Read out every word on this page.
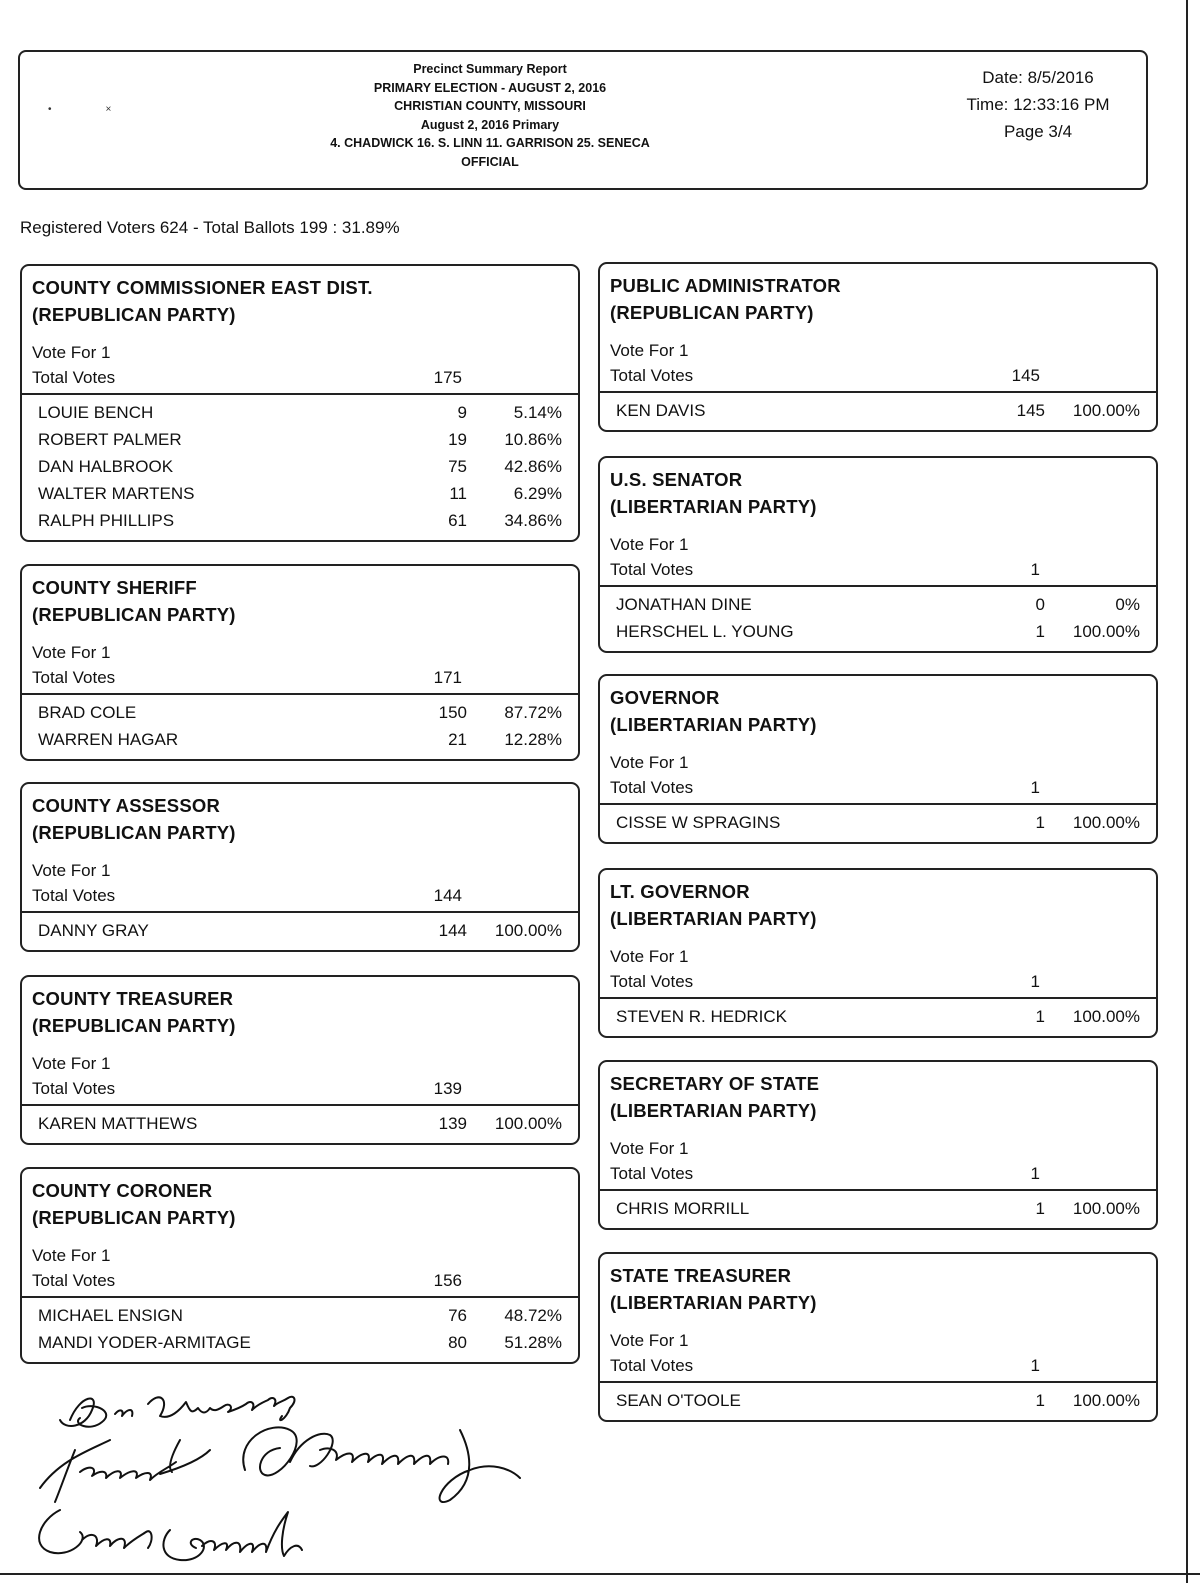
•	×
Precinct Summary Report
PRIMARY ELECTION - AUGUST 2, 2016
CHRISTIAN COUNTY, MISSOURI
August 2, 2016 Primary
4. CHADWICK 16. S. LINN 11. GARRISON 25. SENECA
OFFICIAL
Date: 8/5/2016
Time: 12:33:16 PM
Page 3/4
Registered Voters 624 - Total Ballots 199 : 31.89%
COUNTY COMMISSIONER EAST DIST.
(REPUBLICAN PARTY)
Vote For 1
Total Votes	175
LOUIE BENCH	9	5.14%
ROBERT PALMER	19	10.86%
DAN HALBROOK	75	42.86%
WALTER MARTENS	11	6.29%
RALPH PHILLIPS	61	34.86%
COUNTY SHERIFF
(REPUBLICAN PARTY)
Vote For 1
Total Votes	171
BRAD COLE	150	87.72%
WARREN HAGAR	21	12.28%
COUNTY ASSESSOR
(REPUBLICAN PARTY)
Vote For 1
Total Votes	144
DANNY GRAY	144	100.00%
COUNTY TREASURER
(REPUBLICAN PARTY)
Vote For 1
Total Votes	139
KAREN MATTHEWS	139	100.00%
COUNTY CORONER
(REPUBLICAN PARTY)
Vote For 1
Total Votes	156
MICHAEL ENSIGN	76	48.72%
MANDI YODER-ARMITAGE	80	51.28%
PUBLIC ADMINISTRATOR
(REPUBLICAN PARTY)
Vote For 1
Total Votes	145
KEN DAVIS	145	100.00%
U.S. SENATOR
(LIBERTARIAN PARTY)
Vote For 1
Total Votes	1
JONATHAN DINE	0	0%
HERSCHEL L. YOUNG	1	100.00%
GOVERNOR
(LIBERTARIAN PARTY)
Vote For 1
Total Votes	1
CISSE W SPRAGINS	1	100.00%
LT. GOVERNOR
(LIBERTARIAN PARTY)
Vote For 1
Total Votes	1
STEVEN R. HEDRICK	1	100.00%
SECRETARY OF STATE
(LIBERTARIAN PARTY)
Vote For 1
Total Votes	1
CHRIS MORRILL	1	100.00%
STATE TREASURER
(LIBERTARIAN PARTY)
Vote For 1
Total Votes	1
SEAN O'TOOLE	1	100.00%
